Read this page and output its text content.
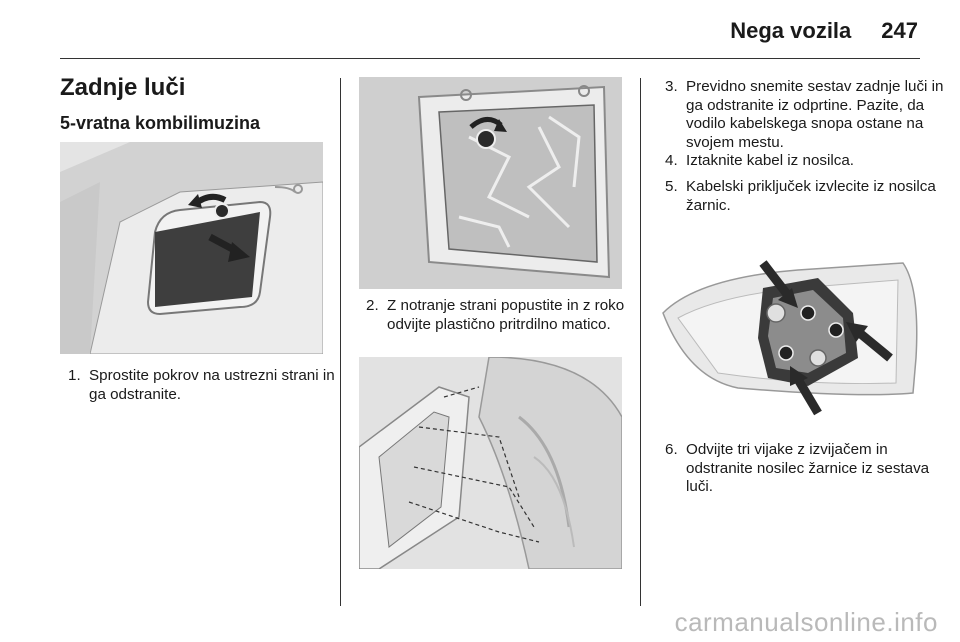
Nega vozila 247
Zadnje luči
5-vratna kombilimuzina
1. Sprostite pokrov na ustrezni strani in ga odstranite.
2. Z notranje strani popustite in z roko odvijte plastično pritrdilno matico.
3. Previdno snemite sestav zadnje luči in ga odstranite iz odprtine. Pazite, da vodilo kabelskega snopa ostane na svojem mestu.
4. Iztaknite kabel iz nosilca.
5. Kabelski priključek izvlecite iz nosilca žarnic.
6. Odvijte tri vijake z izvijačem in odstranite nosilec žarnice iz sestava luči.
carmanualsonline.info
